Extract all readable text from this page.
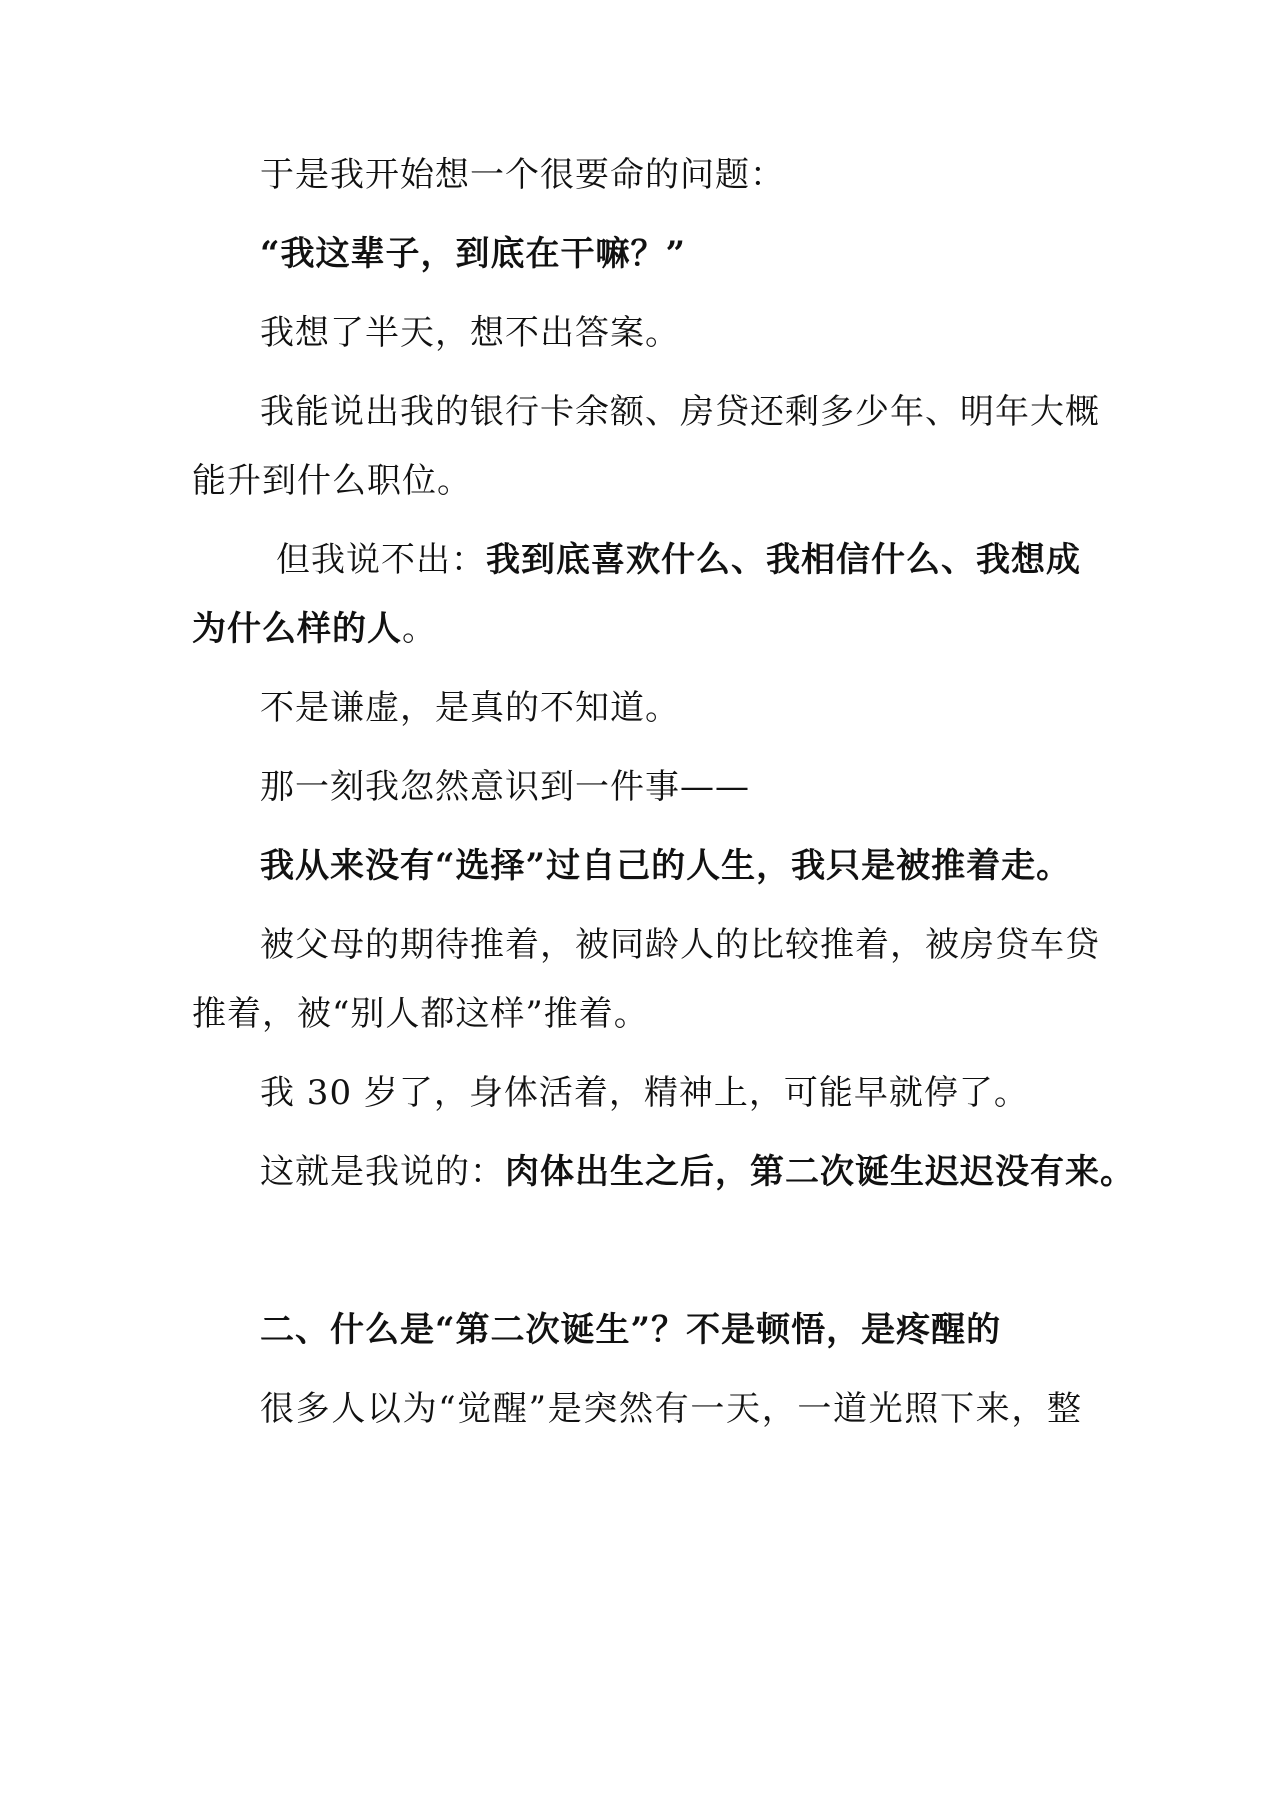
于是我开始想一个很要命的问题：
“我这辈子，到底在干嘛？”
我想了半天，想不出答案。
我能说出我的银行卡余额、房贷还剩多少年、明年大概
能升到什么职位。
但我说不出：我到底喜欢什么、我相信什么、我想成
为什么样的人。
不是谦虚，是真的不知道。
那一刻我忽然意识到一件事——
我从来没有“选择”过自己的人生，我只是被推着走。
被父母的期待推着，被同龄人的比较推着，被房贷车贷
推着，被“别人都这样”推着。
我 30 岁了，身体活着，精神上，可能早就停了。
这就是我说的：肉体出生之后，第二次诞生迟迟没有来。
二、什么是“第二次诞生”？不是顿悟，是疼醒的
很多人以为“觉醒”是突然有一天，一道光照下来，整
